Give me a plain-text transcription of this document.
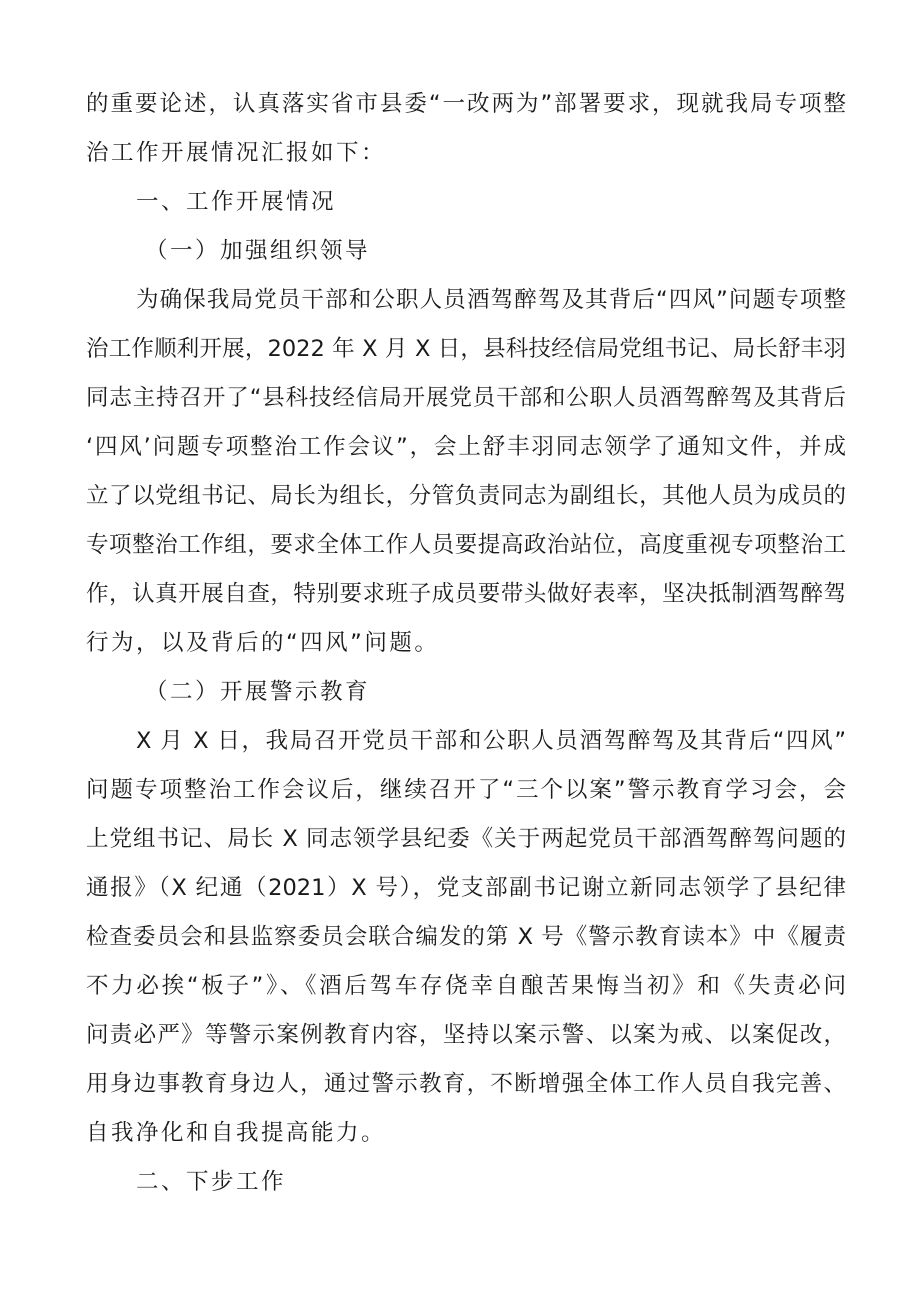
的重要论述，认真落实省市县委“一改两为”部署要求，现就我局专项整
治工作开展情况汇报如下：
一、工作开展情况
（一）加强组织领导
为确保我局党员干部和公职人员酒驾醉驾及其背后“四风”问题专项整
治工作顺利开展，2022 年 X 月 X 日，县科技经信局党组书记、局长舒丰羽
同志主持召开了“县科技经信局开展党员干部和公职人员酒驾醉驾及其背后
‘四风’问题专项整治工作会议”，会上舒丰羽同志领学了通知文件，并成
立了以党组书记、局长为组长，分管负责同志为副组长，其他人员为成员的
专项整治工作组，要求全体工作人员要提高政治站位，高度重视专项整治工
作，认真开展自查，特别要求班子成员要带头做好表率，坚决抵制酒驾醉驾
行为，以及背后的“四风”问题。
（二）开展警示教育
X 月 X 日，我局召开党员干部和公职人员酒驾醉驾及其背后“四风”
问题专项整治工作会议后，继续召开了“三个以案”警示教育学习会，会
上党组书记、局长 X 同志领学县纪委《关于两起党员干部酒驾醉驾问题的
通报》（X 纪通（2021）X 号），党支部副书记谢立新同志领学了县纪律
检查委员会和县监察委员会联合编发的第 X 号《警示教育读本》中《履责
不力必挨“板子”》、《酒后驾车存侥幸自酿苦果悔当初》和《失责必问
问责必严》等警示案例教育内容，坚持以案示警、以案为戒、以案促改，
用身边事教育身边人，通过警示教育，不断增强全体工作人员自我完善、
自我净化和自我提高能力。
二、下步工作
